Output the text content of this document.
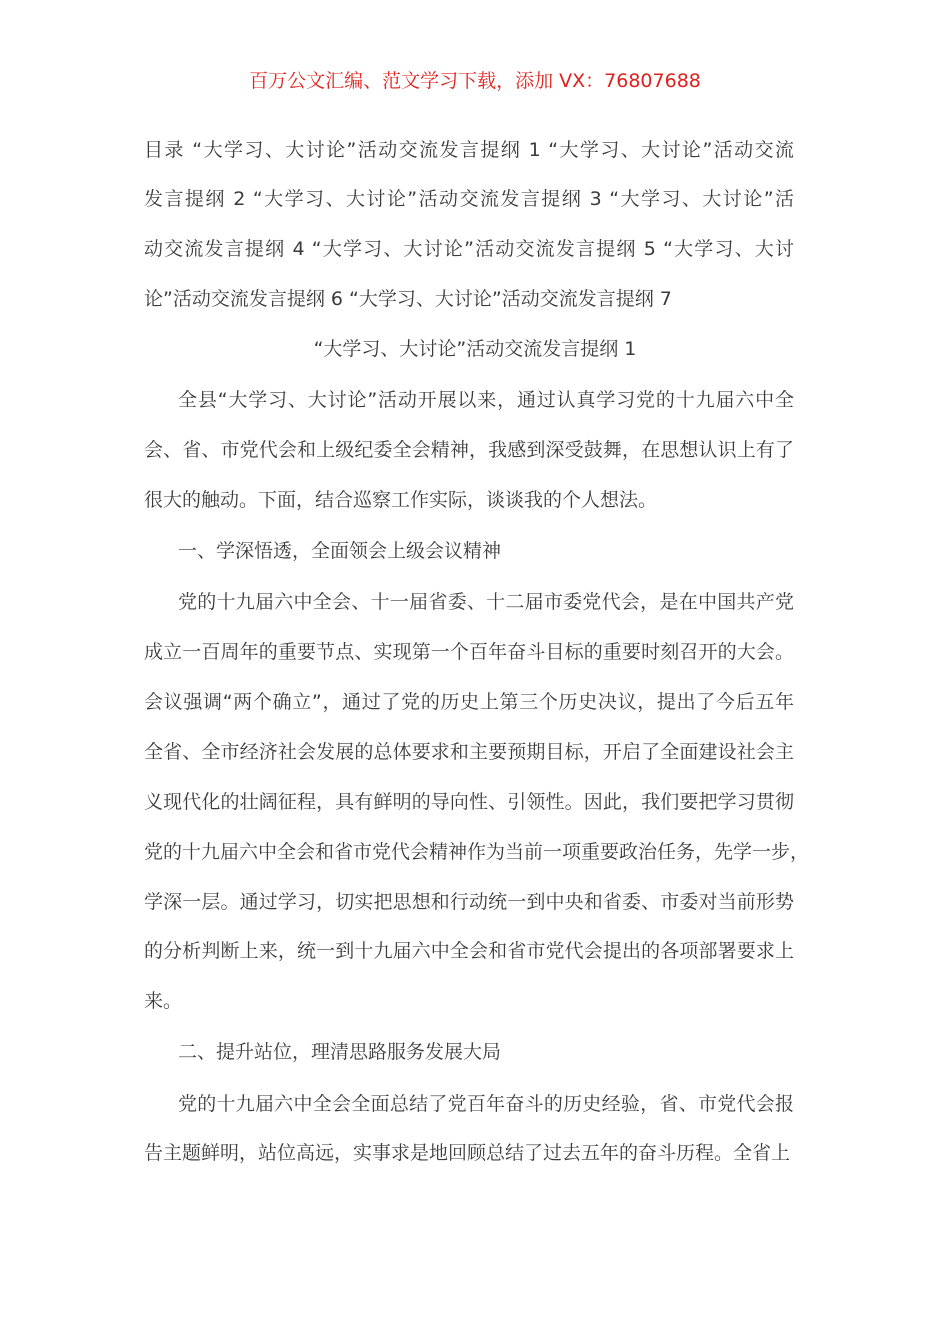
百万公文汇编、范文学习下载，添加 VX：76807688
目录 “大学习、大讨论”活动交流发言提纲 1 “大学习、大讨论”活动交流
发言提纲 2 “大学习、大讨论”活动交流发言提纲 3 “大学习、大讨论”活
动交流发言提纲 4 “大学习、大讨论”活动交流发言提纲 5 “大学习、大讨
论”活动交流发言提纲 6 “大学习、大讨论”活动交流发言提纲 7
“大学习、大讨论”活动交流发言提纲 1
全县“大学习、大讨论”活动开展以来，通过认真学习党的十九届六中全
会、省、市党代会和上级纪委全会精神，我感到深受鼓舞，在思想认识上有了
很大的触动。下面，结合巡察工作实际，谈谈我的个人想法。
一、学深悟透，全面领会上级会议精神
党的十九届六中全会、十一届省委、十二届市委党代会，是在中国共产党
成立一百周年的重要节点、实现第一个百年奋斗目标的重要时刻召开的大会。
会议强调“两个确立”，通过了党的历史上第三个历史决议，提出了今后五年
全省、全市经济社会发展的总体要求和主要预期目标，开启了全面建设社会主
义现代化的壮阔征程，具有鲜明的导向性、引领性。因此，我们要把学习贯彻
党的十九届六中全会和省市党代会精神作为当前一项重要政治任务，先学一步，
学深一层。通过学习，切实把思想和行动统一到中央和省委、市委对当前形势
的分析判断上来，统一到十九届六中全会和省市党代会提出的各项部署要求上
来。
二、提升站位，理清思路服务发展大局
党的十九届六中全会全面总结了党百年奋斗的历史经验，省、市党代会报
告主题鲜明，站位高远，实事求是地回顾总结了过去五年的奋斗历程。全省上
